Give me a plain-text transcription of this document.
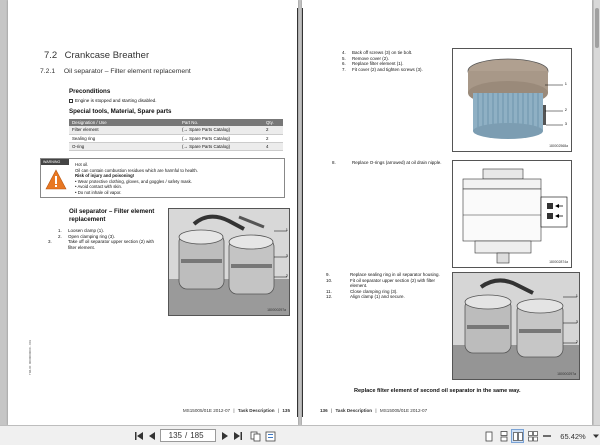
7.2 Crankcase Breather
7.2.1 Oil separator – Filter element replacement
Preconditions
Engine is stopped and starting disabled.
Special tools, Material, Spare parts
Designation / Use	Part No.	Qty.
Filter element	(→ Spare Parts Catalog)	2
Sealing ring	(→ Spare Parts Catalog)	2
O-ring	(→ Spare Parts Catalog)	4
WARNING	Hot oil.
Oil can contain combustion residues which are harmful to health.
Risk of injury and poisoning!
• Wear protective clothing, gloves, and goggles / safety mask.
• Avoid contact with skin.
• Do not inhale oil vapor.
Oil separator – Filter element replacement
1. Loosen clamp (1).
2. Open clamping ring (3).
3.	Take off oil separator upper section (2) with filter element.
1
3
2
180000297a
MS15005/01E 2012-07 | Task Description | 135
TIM-ID: 0000000000 - 001
4. Back off screws (3) on tie bolt.
5. Remove cover (2).
6. Replace filter element (1).
7. Fit cover (2) and tighten screws (3).
1
2
3
180002568a
8.	Replace O-rings (arrowed) at oil drain nipple.
180002874a
9.	Replace sealing ring in oil separator housing.
10.	Fit oil separator upper section (2) with filter element.
11.	Close clamping ring (3).
12.	Align clamp (1) and secure.	1
3
2
180000297a
Replace filter element of second oil separator in the same way.
136 | Task Description | MS15005/01E 2012-07
135 / 185	65.42%
